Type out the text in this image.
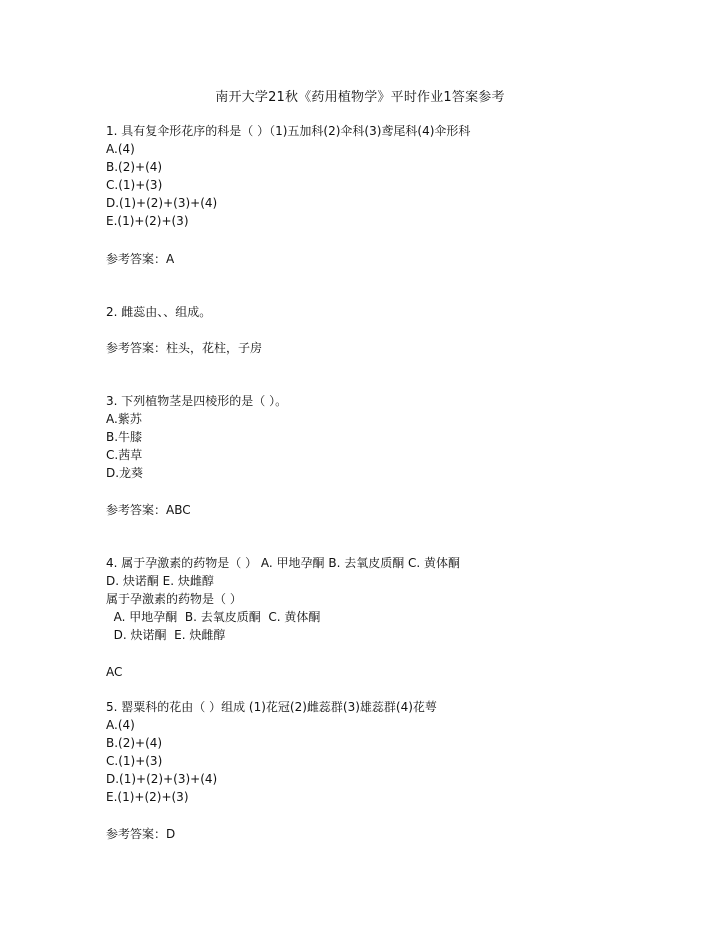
南开大学21秋《药用植物学》平时作业1答案参考
1. 具有复伞形花序的科是（ ）（1)五加科(2)伞科(3)鸢尾科(4)伞形科
A.(4)
B.(2)+(4)
C.(1)+(3)
D.(1)+(2)+(3)+(4)
E.(1)+(2)+(3)
参考答案：A
2. 雌蕊由、、组成。
参考答案：柱头，花柱，子房
3. 下列植物茎是四棱形的是（ ）。
A.紫苏
B.牛膝
C.茜草
D.龙葵
参考答案：ABC
4. 属于孕激素的药物是（ ） A. 甲地孕酮 B. 去氧皮质酮 C. 黄体酮
D. 炔诺酮 E. 炔雌醇
属于孕激素的药物是（ ）
A. 甲地孕酮  B. 去氧皮质酮  C. 黄体酮
D. 炔诺酮  E. 炔雌醇
AC
5. 罂粟科的花由（ ）组成 (1)花冠(2)雌蕊群(3)雄蕊群(4)花萼
A.(4)
B.(2)+(4)
C.(1)+(3)
D.(1)+(2)+(3)+(4)
E.(1)+(2)+(3)
参考答案：D
